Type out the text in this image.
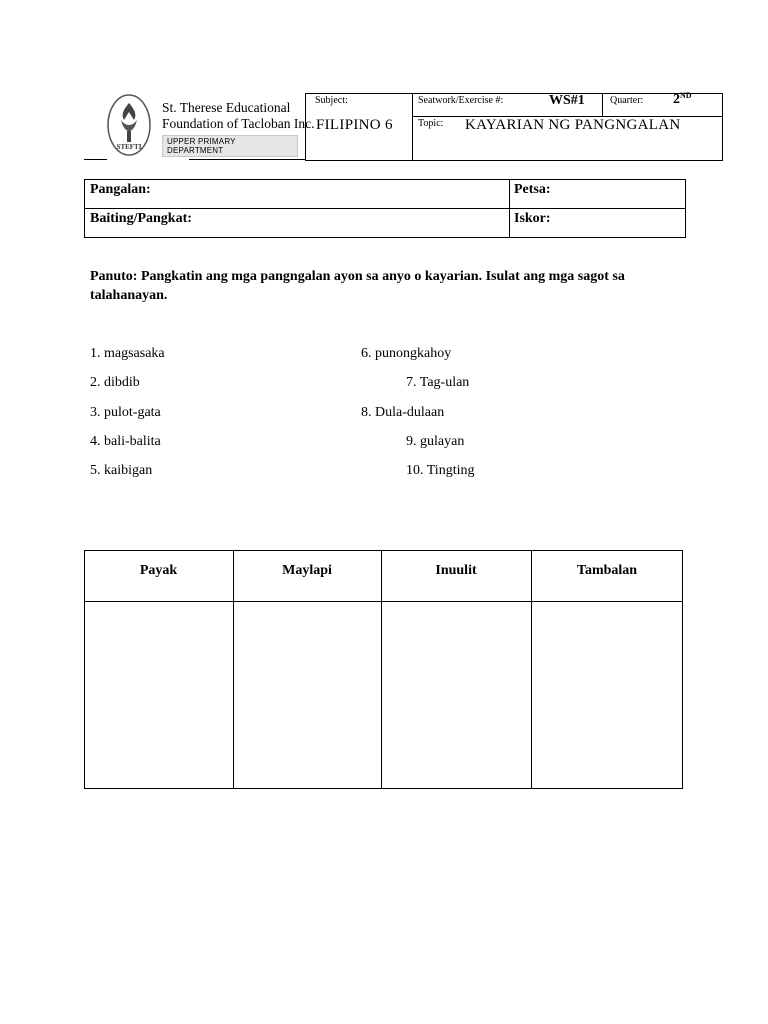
STEFTI
St. Therese Educational
Foundation of Tacloban Inc.
UPPER PRIMARY DEPARTMENT
Subject:
FILIPINO 6
Seatwork/Exercise #:	WS#1	Quarter: 2ND
Topic: KAYARIAN NG PANGNGALAN
Pangalan:	Petsa:
Baiting/Pangkat:	Iskor:
Panuto: Pangkatin ang mga pangngalan ayon sa anyo o kayarian. Isulat ang mga sagot sa talahanayan.
1. magsasaka
2. dibdib
3. pulot-gata
4. bali-balita
5. kaibigan
6. punongkahoy
7. Tag-ulan
8. Dula-dulaan
9. gulayan
10. Tingting
Payak	Maylapi	Inuulit	Tambalan
